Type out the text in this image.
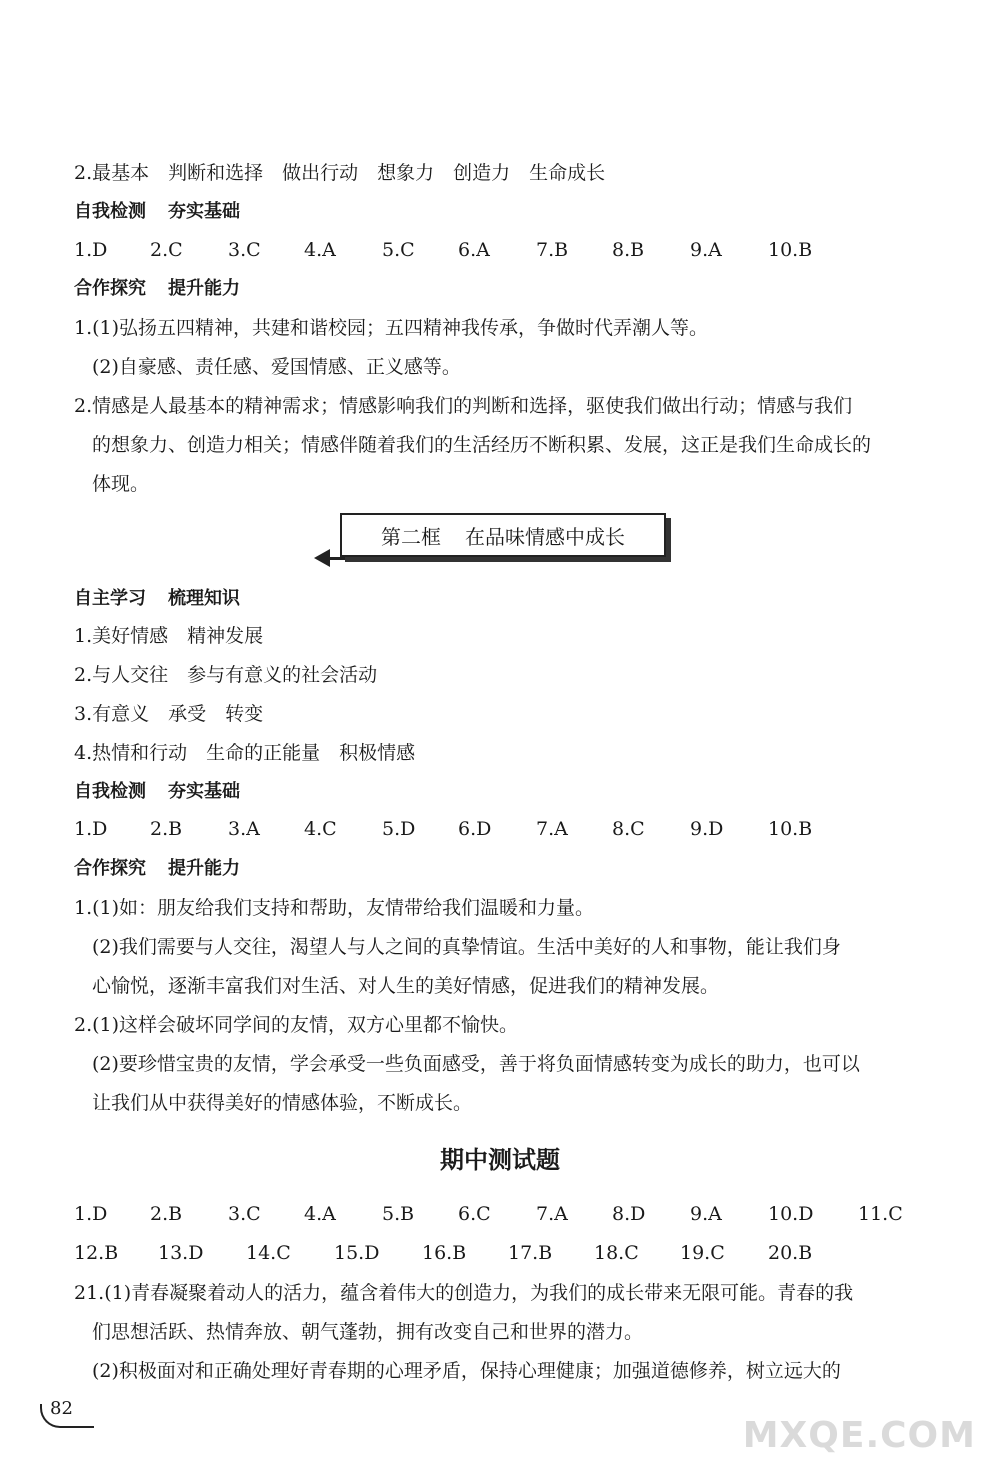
2.最基本　判断和选择　做出行动　想象力　创造力　生命成长
自我检测 夯实基础
1.D 2.C 3.C 4.A 5.C 6.A 7.B 8.B 9.A 10.B
合作探究 提升能力
1.(1)弘扬五四精神，共建和谐校园；五四精神我传承，争做时代弄潮人等。
(2)自豪感、责任感、爱国情感、正义感等。
2.情感是人最基本的精神需求；情感影响我们的判断和选择，驱使我们做出行动；情感与我们
的想象力、创造力相关；情感伴随着我们的生活经历不断积累、发展，这正是我们生命成长的
体现。
第二框 在品味情感中成长
自主学习 梳理知识
1.美好情感　精神发展
2.与人交往　参与有意义的社会活动
3.有意义　承受　转变
4.热情和行动　生命的正能量　积极情感
自我检测 夯实基础
1.D 2.B 3.A 4.C 5.D 6.D 7.A 8.C 9.D 10.B
合作探究 提升能力
1.(1)如：朋友给我们支持和帮助，友情带给我们温暖和力量。
(2)我们需要与人交往，渴望人与人之间的真挚情谊。生活中美好的人和事物，能让我们身
心愉悦，逐渐丰富我们对生活、对人生的美好情感，促进我们的精神发展。
2.(1)这样会破坏同学间的友情，双方心里都不愉快。
(2)要珍惜宝贵的友情，学会承受一些负面感受，善于将负面情感转变为成长的助力，也可以
让我们从中获得美好的情感体验，不断成长。
期中测试题
1.D 2.B 3.C 4.A 5.B 6.C 7.A 8.D 9.A 10.D 11.C
12.B 13.D 14.C 15.D 16.B 17.B 18.C 19.C 20.B
21.(1)青春凝聚着动人的活力，蕴含着伟大的创造力，为我们的成长带来无限可能。青春的我
们思想活跃、热情奔放、朝气蓬勃，拥有改变自己和世界的潜力。
(2)积极面对和正确处理好青春期的心理矛盾，保持心理健康；加强道德修养，树立远大的
82
MXQE.COM
